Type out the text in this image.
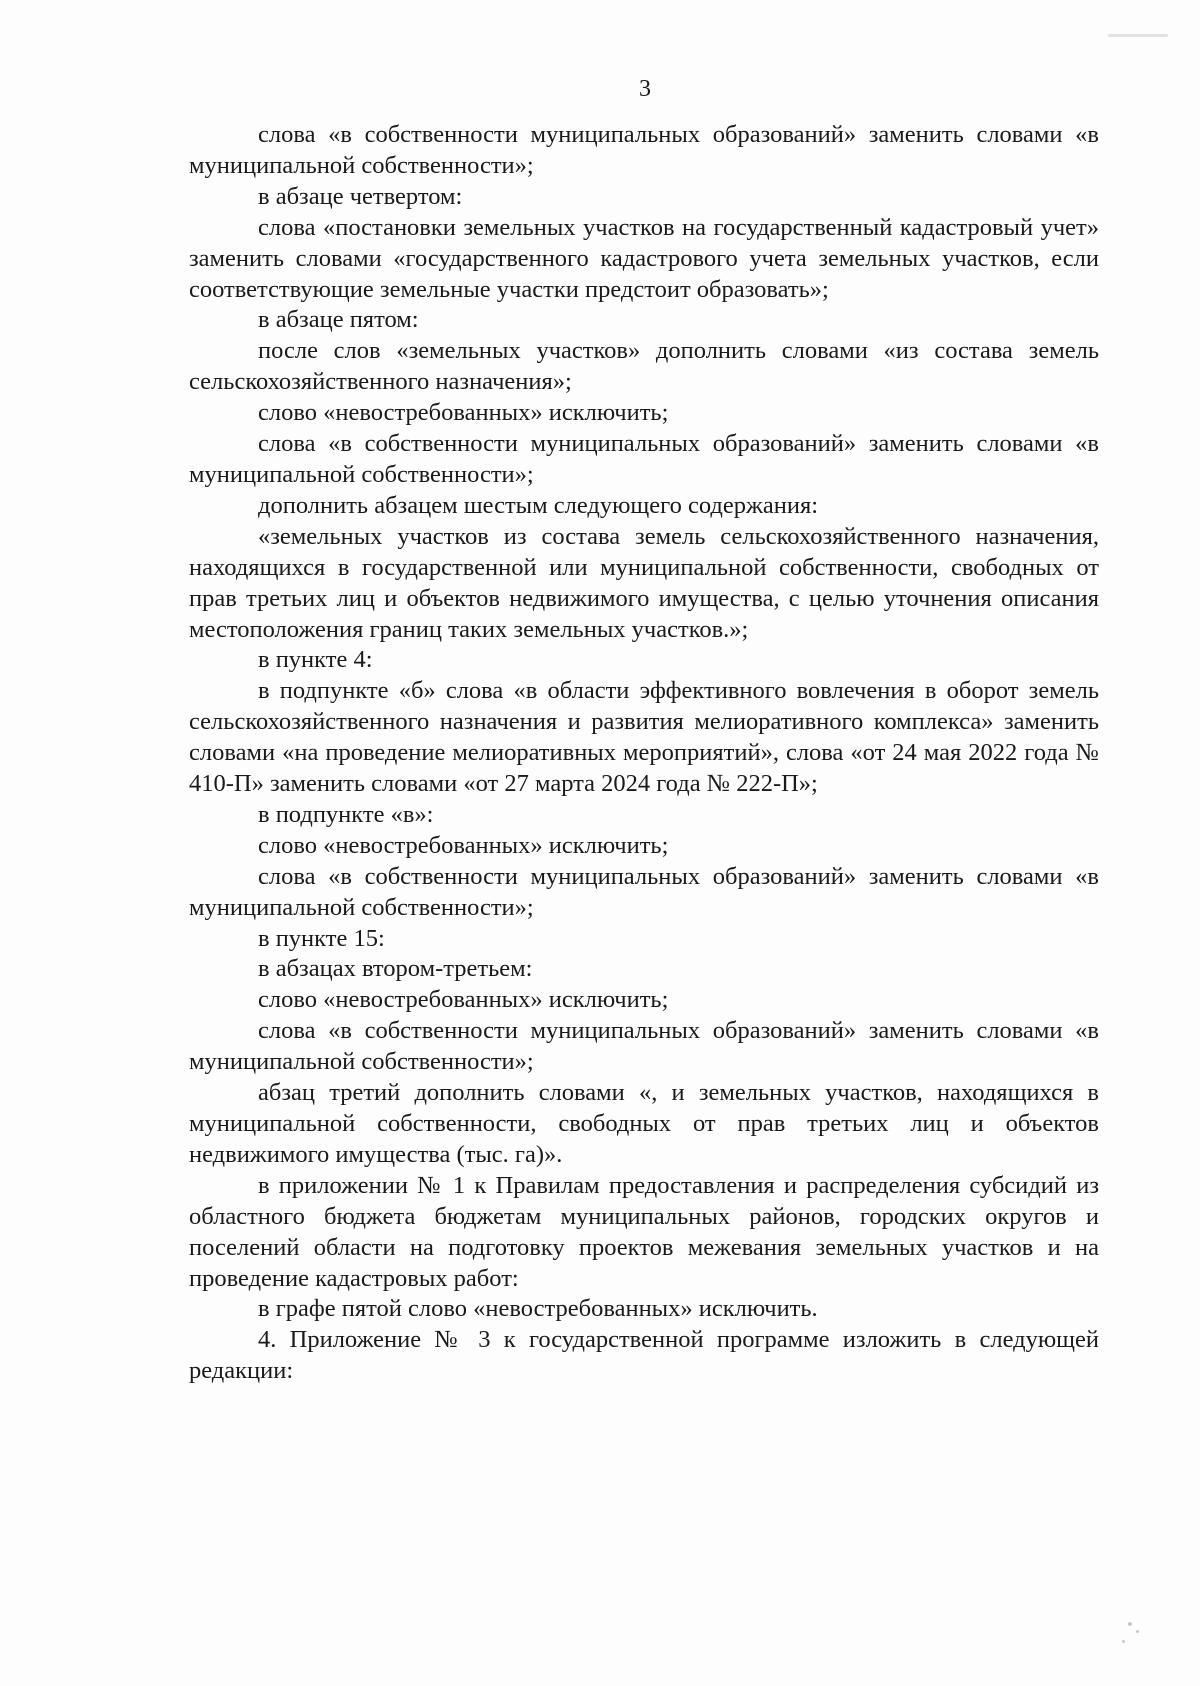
3

слова «в собственности муниципальных образований» заменить словами «в муниципальной собственности»;

в абзаце четвертом:

слова «постановки земельных участков на государственный кадастровый учет» заменить словами «государственного кадастрового учета земельных участков, если соответствующие земельные участки предстоит образовать»;

в абзаце пятом:

после слов «земельных участков» дополнить словами «из состава земель сельскохозяйственного назначения»;

слово «невостребованных» исключить;

слова «в собственности муниципальных образований» заменить словами «в муниципальной собственности»;

дополнить абзацем шестым следующего содержания:

«земельных участков из состава земель сельскохозяйственного назначения, находящихся в государственной или муниципальной собственности, свободных от прав третьих лиц и объектов недвижимого имущества, с целью уточнения описания местоположения границ таких земельных участков.»;

в пункте 4:

в подпункте «б» слова «в области эффективного вовлечения в оборот земель сельскохозяйственного назначения и развития мелиоративного комплекса» заменить словами «на проведение мелиоративных мероприятий», слова «от 24 мая 2022 года № 410-П» заменить словами «от 27 марта 2024 года № 222-П»;

в подпункте «в»:

слово «невостребованных» исключить;

слова «в собственности муниципальных образований» заменить словами «в муниципальной собственности»;

в пункте 15:

в абзацах втором-третьем:

слово «невостребованных» исключить;

слова «в собственности муниципальных образований» заменить словами «в муниципальной собственности»;

абзац третий дополнить словами «, и земельных участков, находящихся в муниципальной собственности, свободных от прав третьих лиц и объектов недвижимого имущества (тыс. га)».

в приложении № 1 к Правилам предоставления и распределения субсидий из областного бюджета бюджетам муниципальных районов, городских округов и поселений области на подготовку проектов межевания земельных участков и на проведение кадастровых работ:

в графе пятой слово «невостребованных» исключить.

4. Приложение № 3 к государственной программе изложить в следующей редакции:
